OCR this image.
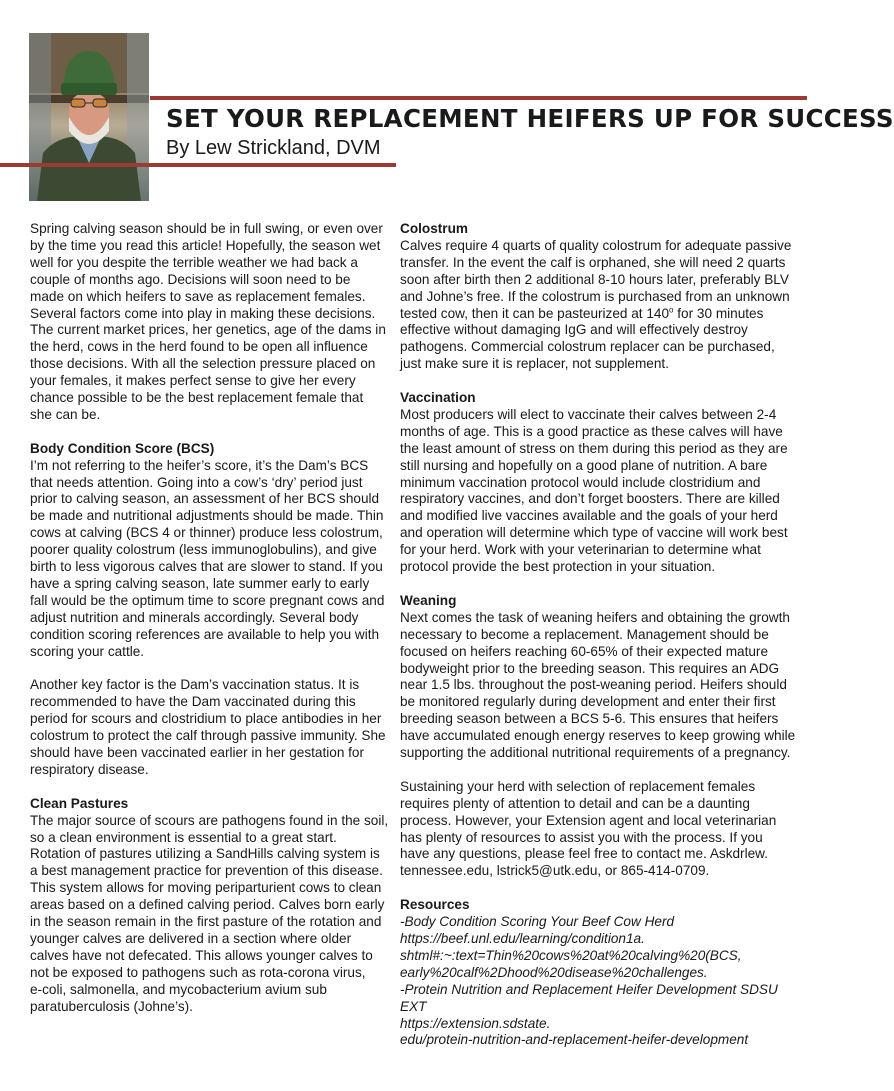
SET YOUR REPLACEMENT HEIFERS UP FOR SUCCESS

By Lew Strickland, DVM

Spring calving season should be in full swing, or even over

by the time you read this article! Hopefully, the season wet

well for you despite the terrible weather we had back a

couple of months ago. Decisions will soon need to be

made on which heifers to save as replacement females.

Several factors come into play in making these decisions.

The current market prices, her genetics, age of the dams in

the herd, cows in the herd found to be open all influence

those decisions. With all the selection pressure placed on

your females, it makes perfect sense to give her every

chance possible to be the best replacement female that

she can be.

Body Condition Score (BCS)

I’m not referring to the heifer’s score, it’s the Dam’s BCS

that needs attention. Going into a cow’s ‘dry’ period just

prior to calving season, an assessment of her BCS should

be made and nutritional adjustments should be made. Thin

cows at calving (BCS 4 or thinner) produce less colostrum,

poorer quality colostrum (less immunoglobulins), and give

birth to less vigorous calves that are slower to stand. If you

have a spring calving season, late summer early to early

fall would be the optimum time to score pregnant cows and

adjust nutrition and minerals accordingly. Several body

condition scoring references are available to help you with

scoring your cattle.

Another key factor is the Dam’s vaccination status. It is

recommended to have the Dam vaccinated during this

period for scours and clostridium to place antibodies in her

colostrum to protect the calf through passive immunity. She

should have been vaccinated earlier in her gestation for

respiratory disease.

Clean Pastures

The major source of scours are pathogens found in the soil,

so a clean environment is essential to a great start.

Rotation of pastures utilizing a SandHills calving system is

a best management practice for prevention of this disease.

This system allows for moving periparturient cows to clean

areas based on a defined calving period. Calves born early

in the season remain in the first pasture of the rotation and

younger calves are delivered in a section where older

calves have not defecated. This allows younger calves to

not be exposed to pathogens such as rota-corona virus,

e-coli, salmonella, and mycobacterium avium sub

paratuberculosis (Johne’s).

Colostrum

Calves require 4 quarts of quality colostrum for adequate passive

transfer. In the event the calf is orphaned, she will need 2 quarts

soon after birth then 2 additional 8-10 hours later, preferably BLV

and Johne’s free. If the colostrum is purchased from an unknown

tested cow, then it can be pasteurized at 140$^o$ for 30 minutes

effective without damaging IgG and will effectively destroy

pathogens. Commercial colostrum replacer can be purchased,

just make sure it is replacer, not supplement.

Vaccination

Most producers will elect to vaccinate their calves between 2-4

months of age. This is a good practice as these calves will have

the least amount of stress on them during this period as they are

still nursing and hopefully on a good plane of nutrition. A bare

minimum vaccination protocol would include clostridium and

respiratory vaccines, and don’t forget boosters. There are killed

and modified live vaccines available and the goals of your herd

and operation will determine which type of vaccine will work best

for your herd. Work with your veterinarian to determine what

protocol provide the best protection in your situation.

Weaning

Next comes the task of weaning heifers and obtaining the growth

necessary to become a replacement. Management should be

focused on heifers reaching 60-65% of their expected mature

bodyweight prior to the breeding season. This requires an ADG

near 1.5 lbs. throughout the post-weaning period. Heifers should

be monitored regularly during development and enter their first

breeding season between a BCS 5-6. This ensures that heifers

have accumulated enough energy reserves to keep growing while

supporting the additional nutritional requirements of a pregnancy.

Sustaining your herd with selection of replacement females

requires plenty of attention to detail and can be a daunting

process. However, your Extension agent and local veterinarian

has plenty of resources to assist you with the process. If you

have any questions, please feel free to contact me. Askdrlew.

tennessee.edu, lstrick5@utk.edu, or 865-414-0709.

Resources

-Body Condition Scoring Your Beef Cow Herd

https://beef.unl.edu/learning/condition1a.

shtml#:~:text=Thin%20cows%20at%20calving%20(BCS,

early%20calf%2Dhood%20disease%20challenges.

-Protein Nutrition and Replacement Heifer Development SDSU

EXT

https://extension.sdstate.

edu/protein-nutrition-and-replacement-heifer-development
